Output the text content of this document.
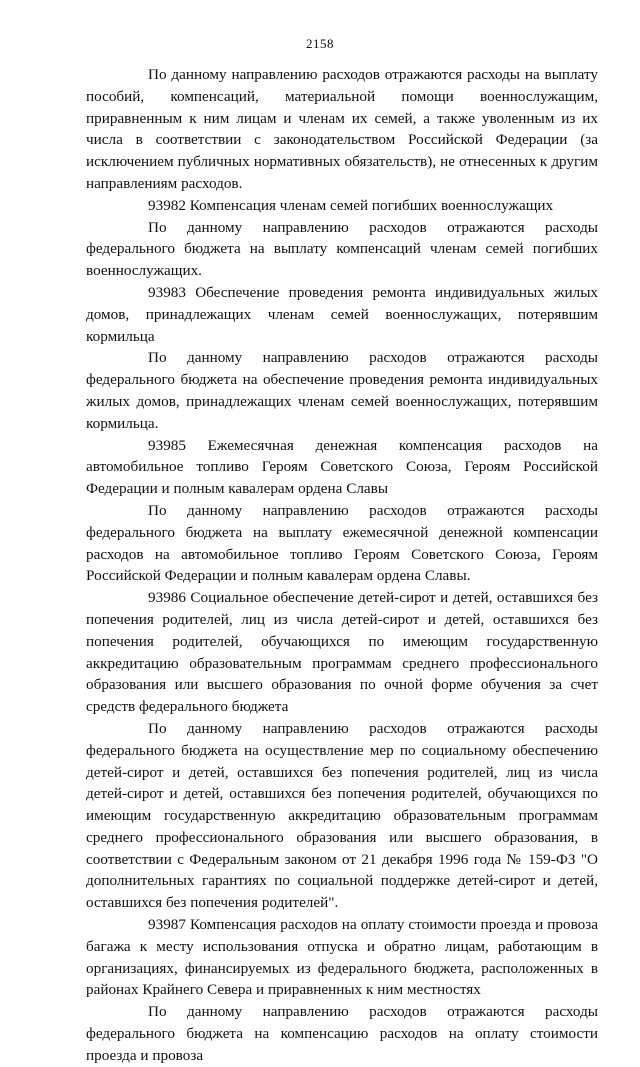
2158

По данному направлению расходов отражаются расходы на выплату пособий, компенсаций, материальной помощи военнослужащим, приравненным к ним лицам и членам их семей, а также уволенным из их числа в соответствии с законодательством Российской Федерации (за исключением публичных нормативных обязательств), не отнесенных к другим направлениям расходов.

93982 Компенсация членам семей погибших военнослужащих

По данному направлению расходов отражаются расходы федерального бюджета на выплату компенсаций членам семей погибших военнослужащих.

93983 Обеспечение проведения ремонта индивидуальных жилых домов, принадлежащих членам семей военнослужащих, потерявшим кормильца

По данному направлению расходов отражаются расходы федерального бюджета на обеспечение проведения ремонта индивидуальных жилых домов, принадлежащих членам семей военнослужащих, потерявшим кормильца.

93985 Ежемесячная денежная компенсация расходов на автомобильное топливо Героям Советского Союза, Героям Российской Федерации и полным кавалерам ордена Славы

По данному направлению расходов отражаются расходы федерального бюджета на выплату ежемесячной денежной компенсации расходов на автомобильное топливо Героям Советского Союза, Героям Российской Федерации и полным кавалерам ордена Славы.

93986 Социальное обеспечение детей-сирот и детей, оставшихся без попечения родителей, лиц из числа детей-сирот и детей, оставшихся без попечения родителей, обучающихся по имеющим государственную аккредитацию образовательным программам среднего профессионального образования или высшего образования по очной форме обучения за счет средств федерального бюджета

По данному направлению расходов отражаются расходы федерального бюджета на осуществление мер по социальному обеспечению детей-сирот и детей, оставшихся без попечения родителей, лиц из числа детей-сирот и детей, оставшихся без попечения родителей, обучающихся по имеющим государственную аккредитацию образовательным программам среднего профессионального образования или высшего образования, в соответствии с Федеральным законом от 21 декабря 1996 года № 159-ФЗ "О дополнительных гарантиях по социальной поддержке детей-сирот и детей, оставшихся без попечения родителей".

93987 Компенсация расходов на оплату стоимости проезда и провоза багажа к месту использования отпуска и обратно лицам, работающим в организациях, финансируемых из федерального бюджета, расположенных в районах Крайнего Севера и приравненных к ним местностях

По данному направлению расходов отражаются расходы федерального бюджета на компенсацию расходов на оплату стоимости проезда и провоза
